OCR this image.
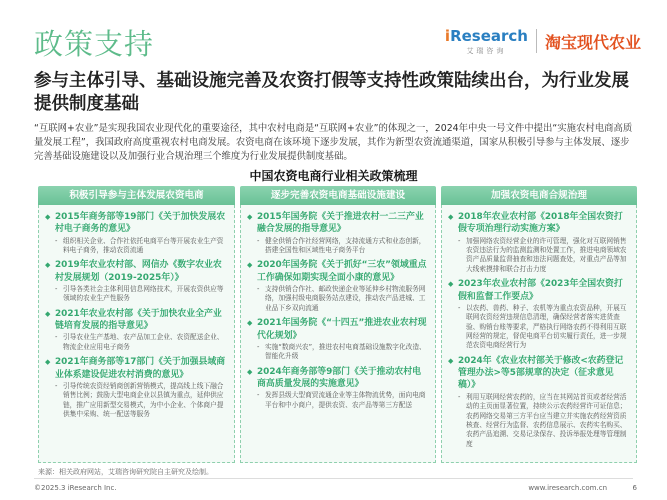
政策支持	iResearch
艾瑞咨询 淘宝现代农业
参与主体引导、基础设施完善及农资打假等支持性政策陆续出台，为行业发展提供制度基础
“互联网+农业”是实现我国农业现代化的重要途径，其中农村电商是“互联网+农业”的体现之一，2024年中央一号文件中提出“实施农村电商高质量发展工程”，我国政府高度重视农村电商发展。农资电商在该环境下逐步发展，其作为新型农资流通渠道，国家从积极引导参与主体发展、逐步完善基础设施建设以及加强行业合规治理三个维度为行业发展提供制度基础。
中国农资电商行业相关政策梳理
积极引导参与主体发展农资电商
◆ 2015年商务部等19部门《关于加快发展农村电子商务的意见》
- 组织相关企业、合作社依托电商平台等开展农业生产资料电子商务，推动农资流通
◆ 2019年农业农村部、网信办《数字农业农村发展规划（2019-2025年）》
- 引导各类社会主体利用信息网络技术，开展农资供应等领域的农业生产性服务
◆ 2021年农业农村部《关于加快农业全产业链培育发展的指导意见》
- 引导农业生产基地、农产品加工企业、农资配送企业、物流企业应用电子商务
◆ 2021年商务部等17部门《关于加强县域商业体系建设促进农村消费的意见》
- 引导传统农资经销商创新营销模式，提高线上线下融合销售比例；鼓励大型电商企业以县镇为重点，延伸供应链，推广应用新型交易模式，为中小企业、个体商户提供集中采购、统一配送等服务
逐步完善农资电商基础设施建设
◆ 2015年国务院《关于推进农村一二三产业融合发展的指导意见》
- 健全供销合作社经营网络，支持流通方式和业态创新，搭建全国性和区域性电子商务平台
◆ 2020年国务院《关于抓好“三农”领域重点工作确保如期实现全面小康的意见》
- 支持供销合作社、邮政快递企业等延伸乡村物流服务网络，加强村级电商服务站点建设，推动农产品进城、工业品下乡双向流通
◆ 2021年国务院《“十四五”推进农业农村现代化规划》
- 实施“数商兴农”，推进农村电商基础设施数字化改造、智能化升级
◆ 2024年商务部等9部门《关于推动农村电商高质量发展的实施意见》
- 发挥县级大型商贸流通企业等主体物流优势，面向电商平台和中小商户，提供农资、农产品等第三方配送
加强农资电商合规治理
◆ 2018年农业农村部《2018年全国农资打假专项治理行动实施方案》
- 加强网络农资经营企业的许可管理，强化对互联网销售农资违法行为的监测监测和处置工作，推进电商领域农资产品质量监督抽查和违法问题查处，对重点产品等加大线索摸排和联合打击力度
◆ 2023年农业农村部《2023年全国农资打假和监督工作要点》
- 以农药、兽药、种子、农机等为重点农资品种，开展互联网农资经营违规信息清理，确保经营者落实进货查验、购销台账等要求，严格执行网络农药不得利用互联网经营的规定，督促电商平台切实履行责任，进一步规范农资电商经营行为
◆ 2024年《农业农村部关于修改<农药登记管理办法>等5部规章的决定（征求意见稿）》
- 利用互联网经营农药的，应当在其网站首页或者经营活动的主页面显著位置，持续公示农药经营许可证信息；农药网络交易第三方平台应当建立并实施农药经营资质核查、经营行为监督、农药信息展示、农药实名购买、农药产品追溯、交易记录保存、投诉举报处理等管理制度
来源：相关政府网站，艾瑞咨询研究院自主研究及绘制。
©2025.3 iResearch Inc.	www.iresearch.com.cn	6
